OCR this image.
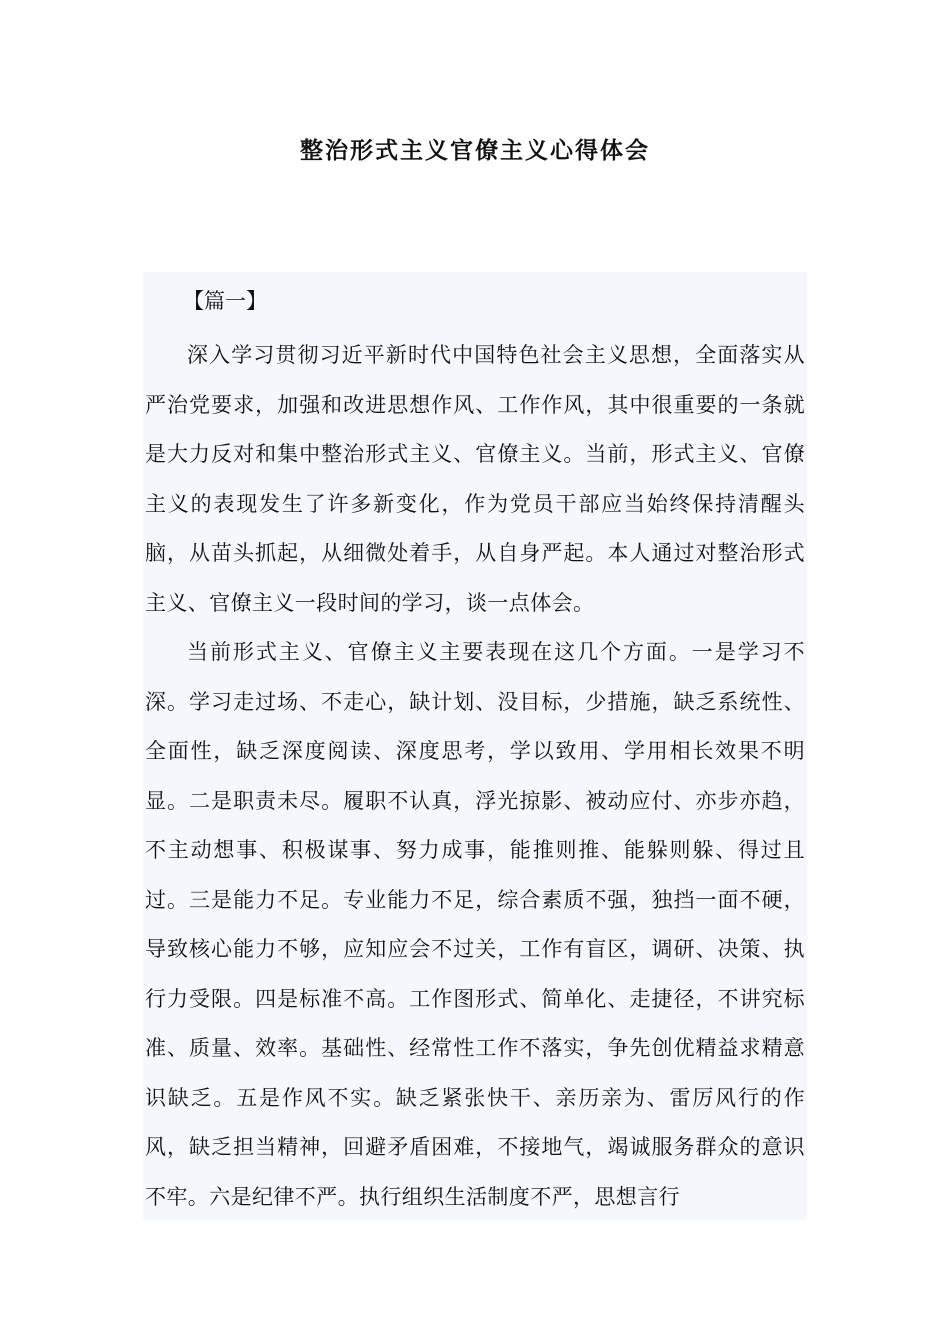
整治形式主义官僚主义心得体会

【篇一】

深入学习贯彻习近平新时代中国特色社会主义思想，全面落实从严治党要求，加强和改进思想作风、工作作风，其中很重要的一条就是大力反对和集中整治形式主义、官僚主义。当前，形式主义、官僚主义的表现发生了许多新变化，作为党员干部应当始终保持清醒头脑，从苗头抓起，从细微处着手，从自身严起。本人通过对整治形式主义、官僚主义一段时间的学习，谈一点体会。

当前形式主义、官僚主义主要表现在这几个方面。一是学习不深。学习走过场、不走心，缺计划、没目标，少措施，缺乏系统性、全面性，缺乏深度阅读、深度思考，学以致用、学用相长效果不明显。二是职责未尽。履职不认真，浮光掠影、被动应付、亦步亦趋，不主动想事、积极谋事、努力成事，能推则推、能躲则躲、得过且过。三是能力不足。专业能力不足，综合素质不强，独挡一面不硬，导致核心能力不够，应知应会不过关，工作有盲区，调研、决策、执行力受限。四是标准不高。工作图形式、简单化、走捷径，不讲究标准、质量、效率。基础性、经常性工作不落实，争先创优精益求精意识缺乏。五是作风不实。缺乏紧张快干、亲历亲为、雷厉风行的作风，缺乏担当精神，回避矛盾困难，不接地气，竭诚服务群众的意识不牢。六是纪律不严。执行组织生活制度不严，思想言行
